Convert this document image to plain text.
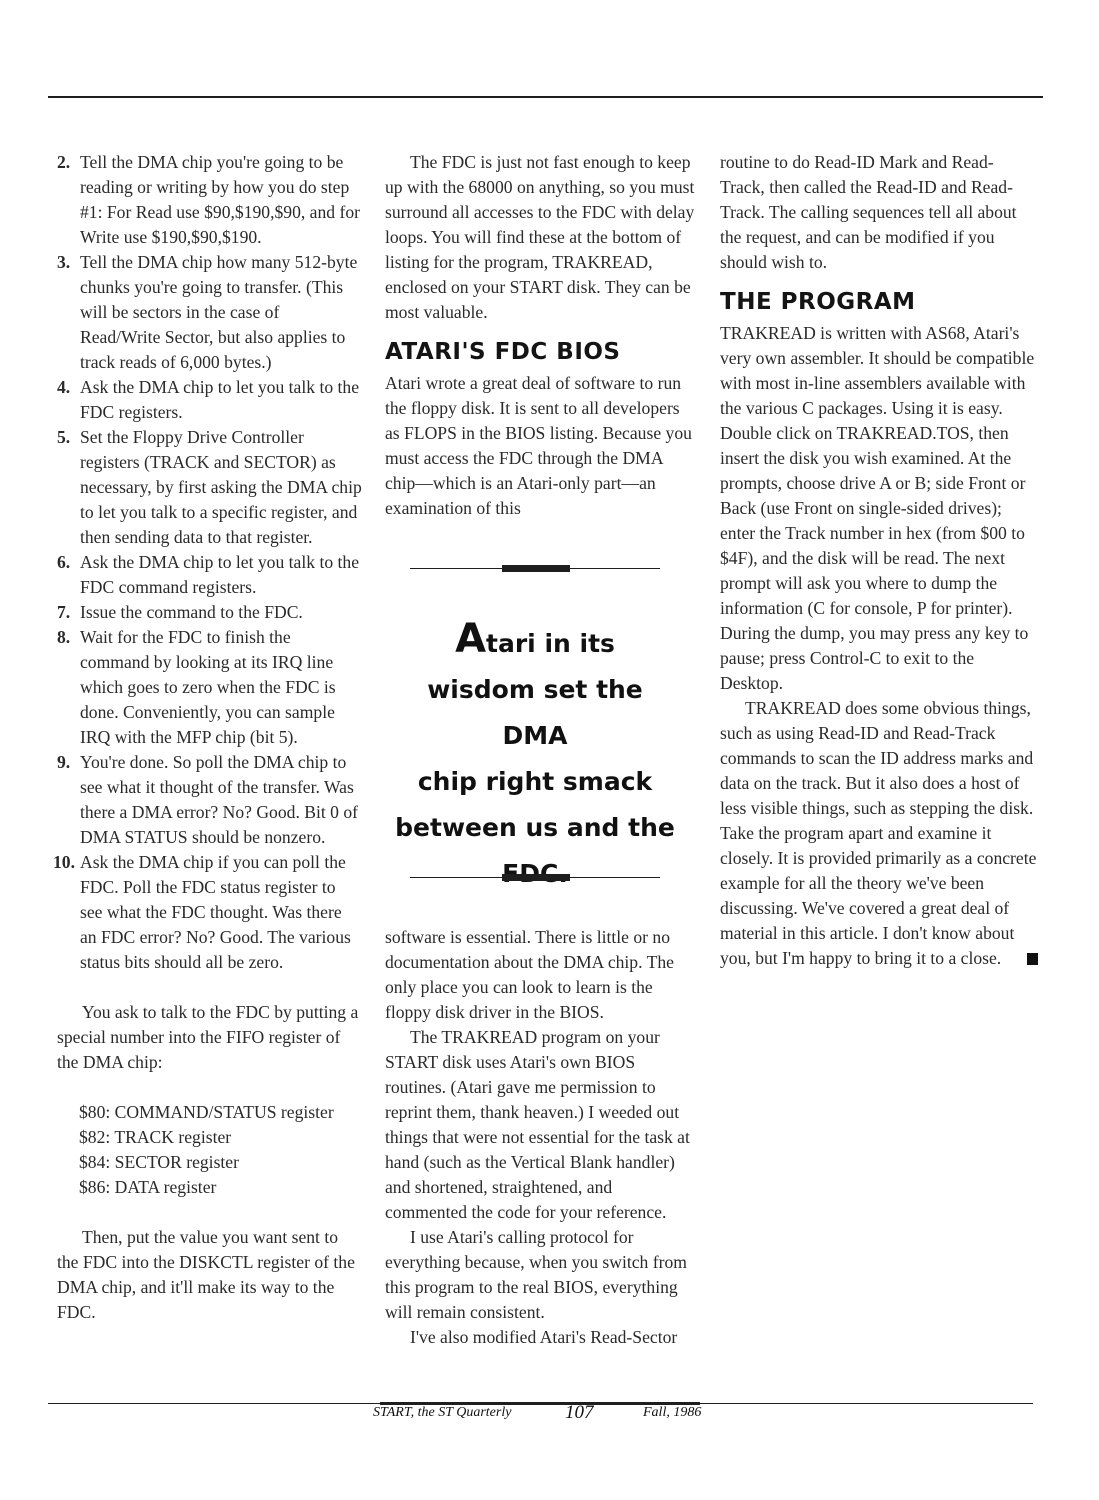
2. Tell the DMA chip you're going to be reading or writing by how you do step #1: For Read use $90,$190,$90, and for Write use $190,$90,$190.
3. Tell the DMA chip how many 512-byte chunks you're going to transfer. (This will be sectors in the case of Read/Write Sector, but also applies to track reads of 6,000 bytes.)
4. Ask the DMA chip to let you talk to the FDC registers.
5. Set the Floppy Drive Controller registers (TRACK and SECTOR) as necessary, by first asking the DMA chip to let you talk to a specific register, and then sending data to that register.
6. Ask the DMA chip to let you talk to the FDC command registers.
7. Issue the command to the FDC.
8. Wait for the FDC to finish the command by looking at its IRQ line which goes to zero when the FDC is done. Conveniently, you can sample IRQ with the MFP chip (bit 5).
9. You're done. So poll the DMA chip to see what it thought of the transfer. Was there a DMA error? No? Good. Bit 0 of DMA STATUS should be nonzero.
10. Ask the DMA chip if you can poll the FDC. Poll the FDC status register to see what the FDC thought. Was there an FDC error? No? Good. The various status bits should all be zero.

You ask to talk to the FDC by putting a special number into the FIFO register of the DMA chip:

$80: COMMAND/STATUS register
$82: TRACK register
$84: SECTOR register
$86: DATA register

Then, put the value you want sent to the FDC into the DISKCTL register of the DMA chip, and it'll make its way to the FDC.

The FDC is just not fast enough to keep up with the 68000 on anything, so you must surround all accesses to the FDC with delay loops. You will find these at the bottom of listing for the program, TRAKREAD, enclosed on your START disk. They can be most valuable.

ATARI'S FDC BIOS

Atari wrote a great deal of software to run the floppy disk. It is sent to all developers as FLOPS in the BIOS listing. Because you must access the FDC through the DMA chip—which is an Atari-only part—an examination of this

software is essential. There is little or no documentation about the DMA chip. The only place you can look to learn is the floppy disk driver in the BIOS.

The TRAKREAD program on your START disk uses Atari's own BIOS routines. (Atari gave me permission to reprint them, thank heaven.) I weeded out things that were not essential for the task at hand (such as the Vertical Blank handler) and shortened, straightened, and commented the code for your reference.

I use Atari's calling protocol for everything because, when you switch from this program to the real BIOS, everything will remain consistent.

I've also modified Atari's Read-Sector

Atari in its
wisdom set the DMA
chip right smack
between us and the

routine to do Read-ID Mark and Read-Track, then called the Read-ID and Read-Track. The calling sequences tell all about the request, and can be modified if you should wish to.

THE PROGRAM

TRAKREAD is written with AS68, Atari's very own assembler. It should be compatible with most in-line assemblers available with the various C packages. Using it is easy. Double click on TRAKREAD.TOS, then insert the disk you wish examined. At the prompts, choose drive A or B; side Front or Back (use Front on single-sided drives); enter the Track number in hex (from $00 to $4F), and the disk will be read. The next prompt will ask you where to dump the information (C for console, P for printer). During the dump, you may press any key to pause; press Control-C to exit to the Desktop.

TRAKREAD does some obvious things, such as using Read-ID and Read-Track commands to scan the ID address marks and data on the track. But it also does a host of less visible things, such as stepping the disk. Take the program apart and examine it closely. It is provided primarily as a concrete example for all the theory we've been discussing. We've covered a great deal of material in this article. I don't know about you, but I'm happy to bring it to a close.

START, the ST Quarterly	107	Fall, 1986
